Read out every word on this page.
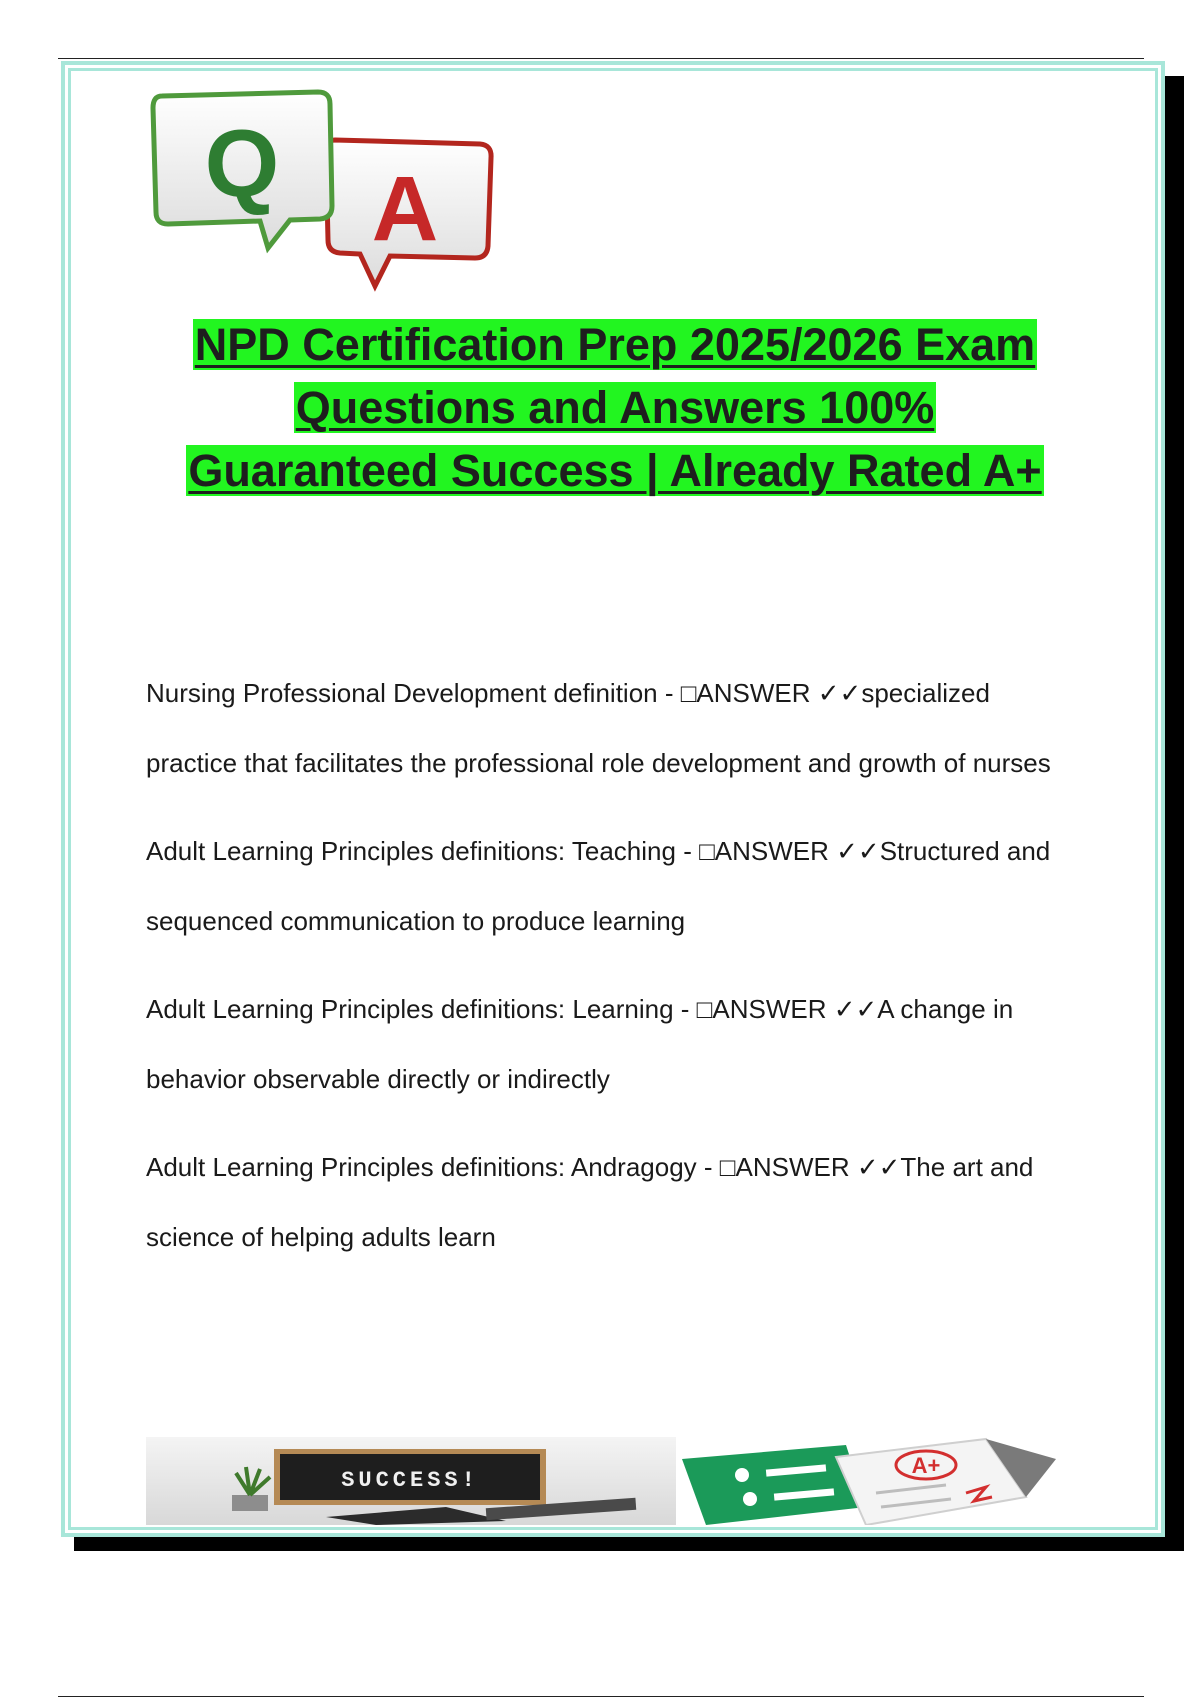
A
Q
NPD Certification Prep 2025/2026 Exam
Questions and Answers 100%
Guaranteed Success | Already Rated A+

Nursing Professional Development definition - □ANSWER ✓✓specialized practice that facilitates the professional role development and growth of nurses

Adult Learning Principles definitions: Teaching - □ANSWER ✓✓Structured and sequenced communication to produce learning

Adult Learning Principles definitions: Learning - □ANSWER ✓✓A change in behavior observable directly or indirectly

Adult Learning Principles definitions: Andragogy - □ANSWER ✓✓The art and science of helping adults learn

SUCCESS!
A+
